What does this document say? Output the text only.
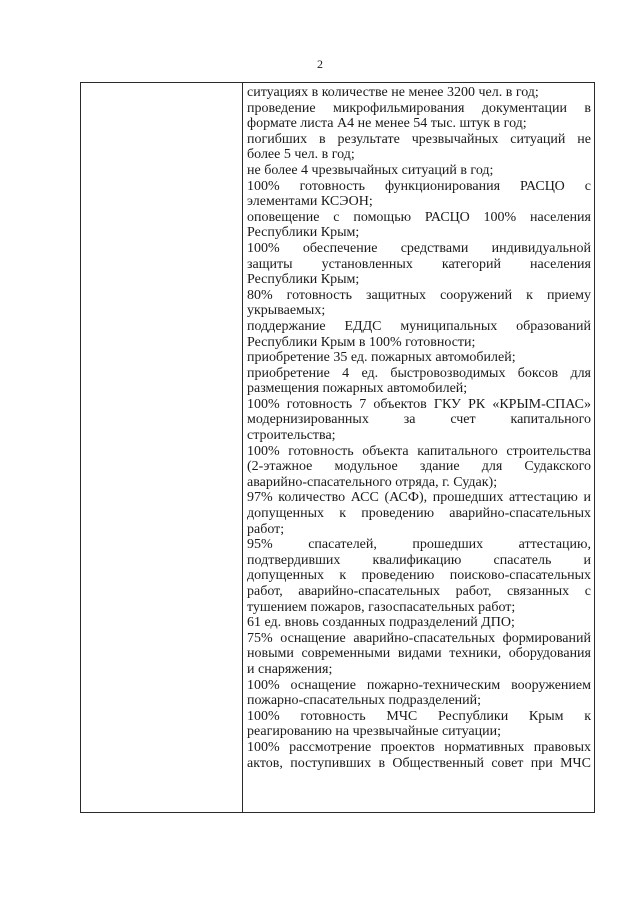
2

ситуациях в количестве не менее 3200 чел. в год;
проведение микрофильмирования документации в
формате листа А4 не менее 54 тыс. штук в год;
погибших в результате чрезвычайных ситуаций не
более 5 чел. в год;
не более 4 чрезвычайных ситуаций в год;
100% готовность функционирования РАСЦО с
элементами КСЭОН;
оповещение с помощью РАСЦО 100% населения
Республики Крым;
100% обеспечение средствами индивидуальной
защиты установленных категорий населения
Республики Крым;
80% готовность защитных сооружений к приему
укрываемых;
поддержание ЕДДС муниципальных образований
Республики Крым в 100% готовности;
приобретение 35 ед. пожарных автомобилей;
приобретение 4 ед. быстровозводимых боксов для
размещения пожарных автомобилей;
100% готовность 7 объектов ГКУ РК «КРЫМ-СПАС»
модернизированных за счет капитального
строительства;
100% готовность объекта капитального строительства
(2-этажное модульное здание для Судакского
аварийно-спасательного отряда, г. Судак);
97% количество АСС (АСФ), прошедших аттестацию и
допущенных к проведению аварийно-спасательных
работ;
95% спасателей, прошедших аттестацию,
подтвердивших квалификацию спасатель и
допущенных к проведению поисково-спасательных
работ, аварийно-спасательных работ, связанных с
тушением пожаров, газоспасательных работ;
61 ед. вновь созданных подразделений ДПО;
75% оснащение аварийно-спасательных формирований
новыми современными видами техники, оборудования
и снаряжения;
100% оснащение пожарно-техническим вооружением
пожарно-спасательных подразделений;
100% готовность МЧС Республики Крым к
реагированию на чрезвычайные ситуации;
100% рассмотрение проектов нормативных правовых
актов, поступивших в Общественный совет при МЧС
